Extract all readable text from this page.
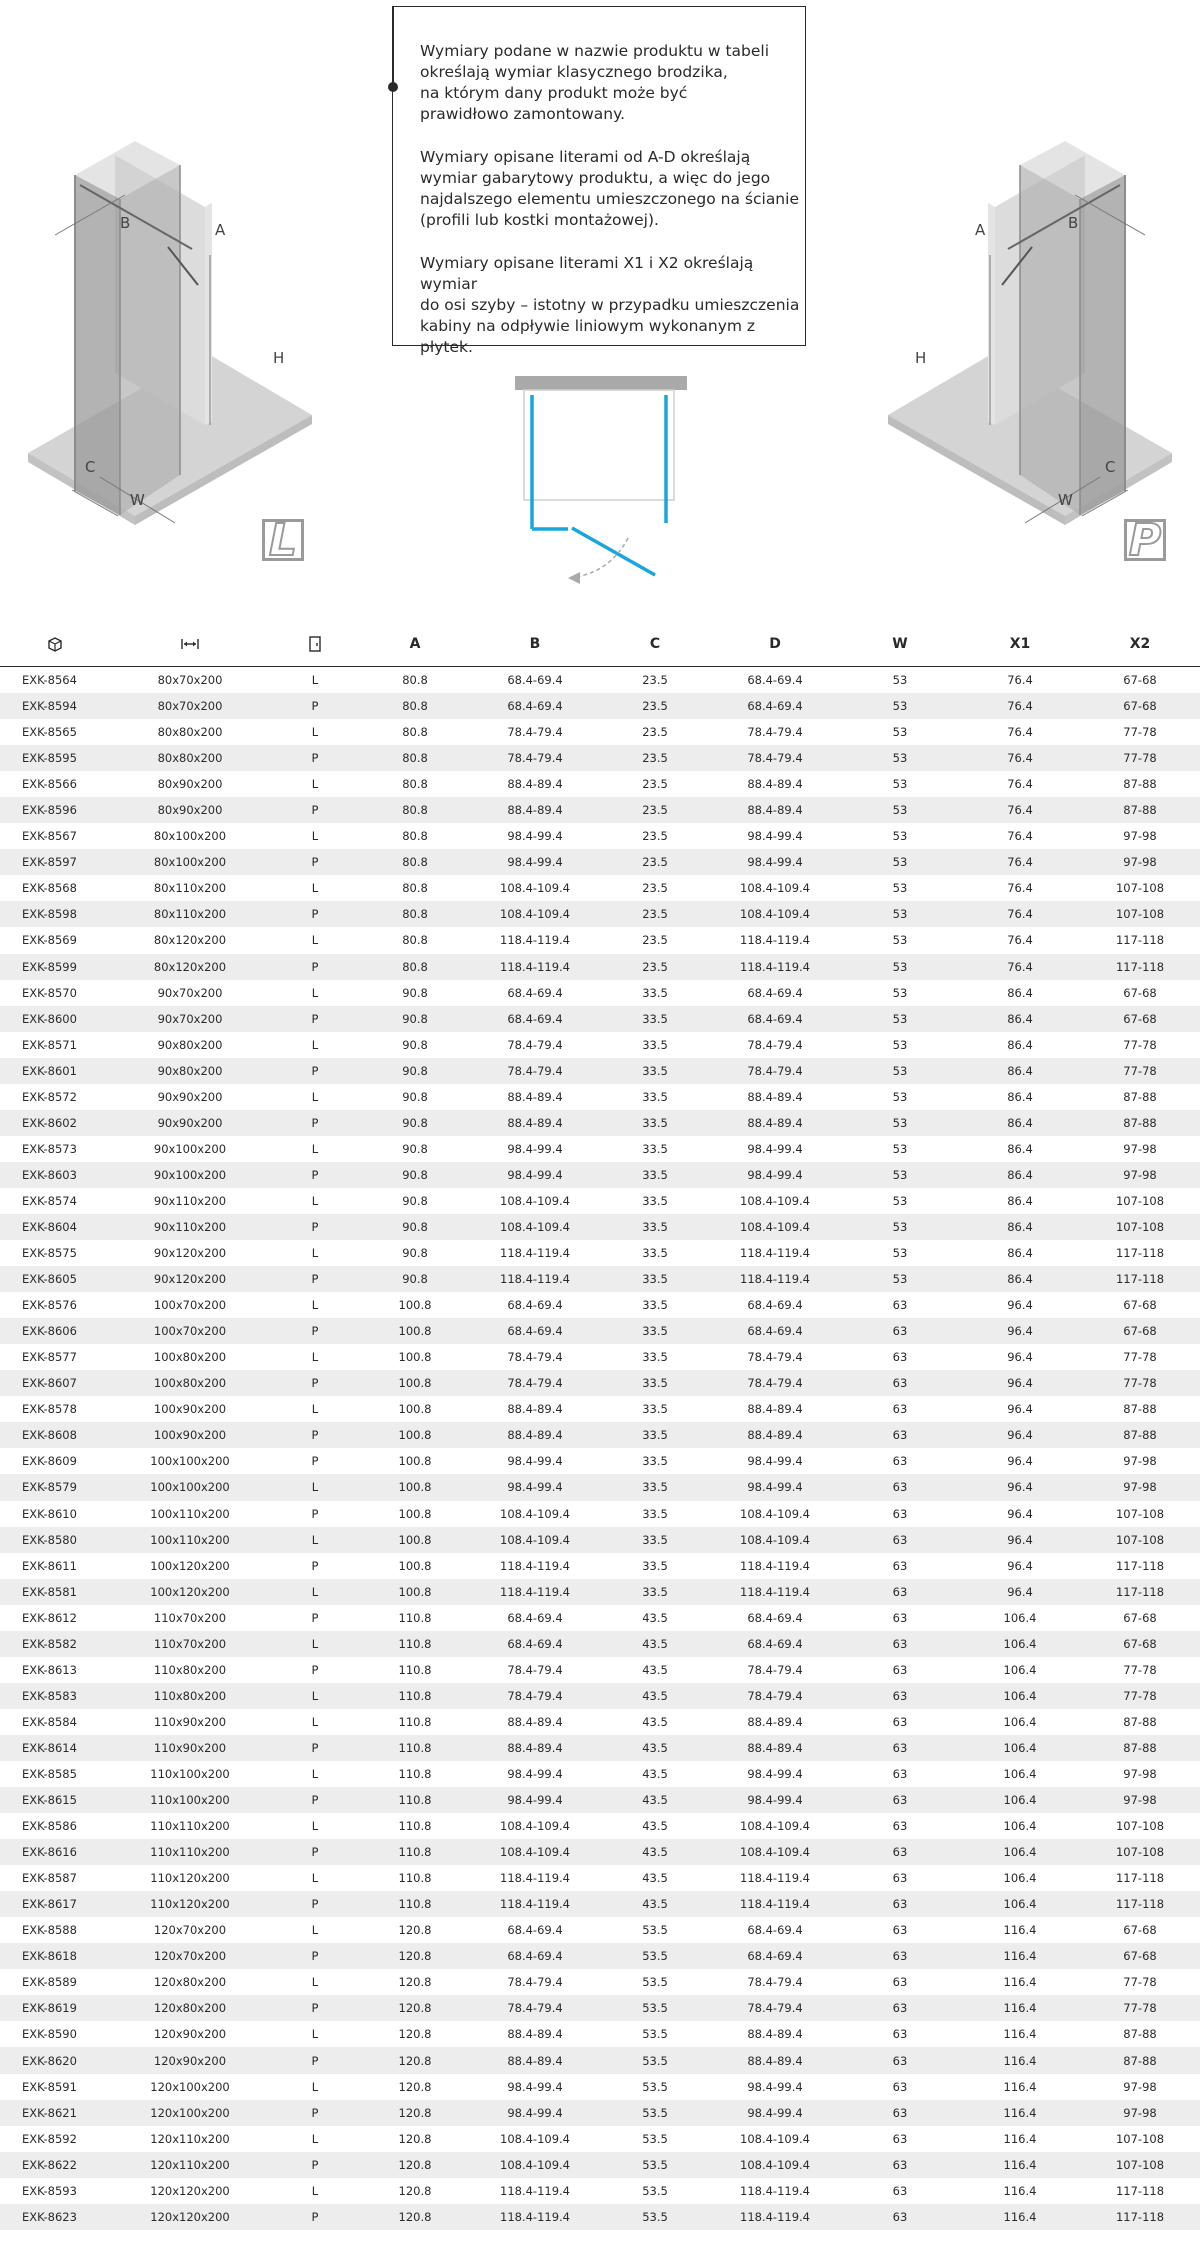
B	A
H
C
W
L

Wymiary podane w nazwie produktu w tabeli
określają wymiar klasycznego brodzika,
na którym dany produkt może być
prawidłowo zamontowany.

Wymiary opisane literami od A-D określają
wymiar gabarytowy produktu, a więc do jego
najdalszego elementu umieszczonego na ścianie
(profili lub kostki montażowej).

Wymiary opisane literami X1 i X2 określają wymiar
do osi szyby – istotny w przypadku umieszczenia
kabiny na odpływie liniowym wykonanym z płytek.

A	B
H
C
W
P
			A	B	C	D	W	X1	X2
EXK-8564	80x70x200	L	80.8	68.4-69.4	23.5	68.4-69.4	53	76.4	67-68
EXK-8594	80x70x200	P	80.8	68.4-69.4	23.5	68.4-69.4	53	76.4	67-68
EXK-8565	80x80x200	L	80.8	78.4-79.4	23.5	78.4-79.4	53	76.4	77-78
EXK-8595	80x80x200	P	80.8	78.4-79.4	23.5	78.4-79.4	53	76.4	77-78
EXK-8566	80x90x200	L	80.8	88.4-89.4	23.5	88.4-89.4	53	76.4	87-88
EXK-8596	80x90x200	P	80.8	88.4-89.4	23.5	88.4-89.4	53	76.4	87-88
EXK-8567	80x100x200	L	80.8	98.4-99.4	23.5	98.4-99.4	53	76.4	97-98
EXK-8597	80x100x200	P	80.8	98.4-99.4	23.5	98.4-99.4	53	76.4	97-98
EXK-8568	80x110x200	L	80.8	108.4-109.4	23.5	108.4-109.4	53	76.4	107-108
EXK-8598	80x110x200	P	80.8	108.4-109.4	23.5	108.4-109.4	53	76.4	107-108
EXK-8569	80x120x200	L	80.8	118.4-119.4	23.5	118.4-119.4	53	76.4	117-118
EXK-8599	80x120x200	P	80.8	118.4-119.4	23.5	118.4-119.4	53	76.4	117-118
EXK-8570	90x70x200	L	90.8	68.4-69.4	33.5	68.4-69.4	53	86.4	67-68
EXK-8600	90x70x200	P	90.8	68.4-69.4	33.5	68.4-69.4	53	86.4	67-68
EXK-8571	90x80x200	L	90.8	78.4-79.4	33.5	78.4-79.4	53	86.4	77-78
EXK-8601	90x80x200	P	90.8	78.4-79.4	33.5	78.4-79.4	53	86.4	77-78
EXK-8572	90x90x200	L	90.8	88.4-89.4	33.5	88.4-89.4	53	86.4	87-88
EXK-8602	90x90x200	P	90.8	88.4-89.4	33.5	88.4-89.4	53	86.4	87-88
EXK-8573	90x100x200	L	90.8	98.4-99.4	33.5	98.4-99.4	53	86.4	97-98
EXK-8603	90x100x200	P	90.8	98.4-99.4	33.5	98.4-99.4	53	86.4	97-98
EXK-8574	90x110x200	L	90.8	108.4-109.4	33.5	108.4-109.4	53	86.4	107-108
EXK-8604	90x110x200	P	90.8	108.4-109.4	33.5	108.4-109.4	53	86.4	107-108
EXK-8575	90x120x200	L	90.8	118.4-119.4	33.5	118.4-119.4	53	86.4	117-118
EXK-8605	90x120x200	P	90.8	118.4-119.4	33.5	118.4-119.4	53	86.4	117-118
EXK-8576	100x70x200	L	100.8	68.4-69.4	33.5	68.4-69.4	63	96.4	67-68
EXK-8606	100x70x200	P	100.8	68.4-69.4	33.5	68.4-69.4	63	96.4	67-68
EXK-8577	100x80x200	L	100.8	78.4-79.4	33.5	78.4-79.4	63	96.4	77-78
EXK-8607	100x80x200	P	100.8	78.4-79.4	33.5	78.4-79.4	63	96.4	77-78
EXK-8578	100x90x200	L	100.8	88.4-89.4	33.5	88.4-89.4	63	96.4	87-88
EXK-8608	100x90x200	P	100.8	88.4-89.4	33.5	88.4-89.4	63	96.4	87-88
EXK-8609	100x100x200	P	100.8	98.4-99.4	33.5	98.4-99.4	63	96.4	97-98
EXK-8579	100x100x200	L	100.8	98.4-99.4	33.5	98.4-99.4	63	96.4	97-98
EXK-8610	100x110x200	P	100.8	108.4-109.4	33.5	108.4-109.4	63	96.4	107-108
EXK-8580	100x110x200	L	100.8	108.4-109.4	33.5	108.4-109.4	63	96.4	107-108
EXK-8611	100x120x200	P	100.8	118.4-119.4	33.5	118.4-119.4	63	96.4	117-118
EXK-8581	100x120x200	L	100.8	118.4-119.4	33.5	118.4-119.4	63	96.4	117-118
EXK-8612	110x70x200	P	110.8	68.4-69.4	43.5	68.4-69.4	63	106.4	67-68
EXK-8582	110x70x200	L	110.8	68.4-69.4	43.5	68.4-69.4	63	106.4	67-68
EXK-8613	110x80x200	P	110.8	78.4-79.4	43.5	78.4-79.4	63	106.4	77-78
EXK-8583	110x80x200	L	110.8	78.4-79.4	43.5	78.4-79.4	63	106.4	77-78
EXK-8584	110x90x200	L	110.8	88.4-89.4	43.5	88.4-89.4	63	106.4	87-88
EXK-8614	110x90x200	P	110.8	88.4-89.4	43.5	88.4-89.4	63	106.4	87-88
EXK-8585	110x100x200	L	110.8	98.4-99.4	43.5	98.4-99.4	63	106.4	97-98
EXK-8615	110x100x200	P	110.8	98.4-99.4	43.5	98.4-99.4	63	106.4	97-98
EXK-8586	110x110x200	L	110.8	108.4-109.4	43.5	108.4-109.4	63	106.4	107-108
EXK-8616	110x110x200	P	110.8	108.4-109.4	43.5	108.4-109.4	63	106.4	107-108
EXK-8587	110x120x200	L	110.8	118.4-119.4	43.5	118.4-119.4	63	106.4	117-118
EXK-8617	110x120x200	P	110.8	118.4-119.4	43.5	118.4-119.4	63	106.4	117-118
EXK-8588	120x70x200	L	120.8	68.4-69.4	53.5	68.4-69.4	63	116.4	67-68
EXK-8618	120x70x200	P	120.8	68.4-69.4	53.5	68.4-69.4	63	116.4	67-68
EXK-8589	120x80x200	L	120.8	78.4-79.4	53.5	78.4-79.4	63	116.4	77-78
EXK-8619	120x80x200	P	120.8	78.4-79.4	53.5	78.4-79.4	63	116.4	77-78
EXK-8590	120x90x200	L	120.8	88.4-89.4	53.5	88.4-89.4	63	116.4	87-88
EXK-8620	120x90x200	P	120.8	88.4-89.4	53.5	88.4-89.4	63	116.4	87-88
EXK-8591	120x100x200	L	120.8	98.4-99.4	53.5	98.4-99.4	63	116.4	97-98
EXK-8621	120x100x200	P	120.8	98.4-99.4	53.5	98.4-99.4	63	116.4	97-98
EXK-8592	120x110x200	L	120.8	108.4-109.4	53.5	108.4-109.4	63	116.4	107-108
EXK-8622	120x110x200	P	120.8	108.4-109.4	53.5	108.4-109.4	63	116.4	107-108
EXK-8593	120x120x200	L	120.8	118.4-119.4	53.5	118.4-119.4	63	116.4	117-118
EXK-8623	120x120x200	P	120.8	118.4-119.4	53.5	118.4-119.4	63	116.4	117-118
